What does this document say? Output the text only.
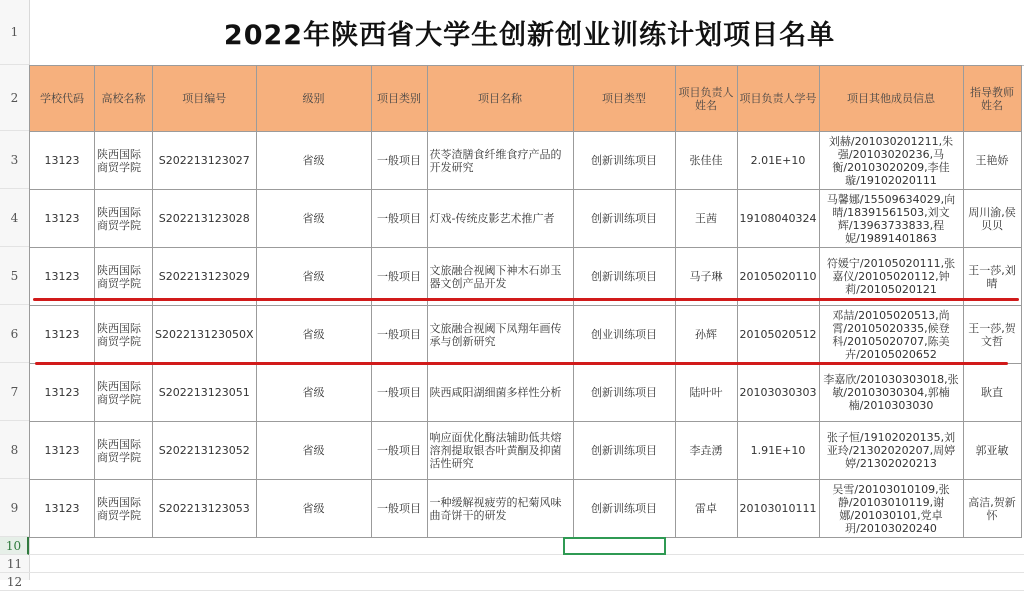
1
2
3
4
5
6
7
8
9
10
11
12
2022年陕西省大学生创新创业训练计划项目名单
学校代码	高校名称	项目编号	级别	项目类别	项目名称	项目类型	项目负责人姓名	项目负责人学号	项目其他成员信息	指导教师姓名
13123	陕西国际商贸学院	S202213123027	省级	一般项目	茯苓渣膳食纤维食疗产品的开发研究	创新训练项目	张佳佳	2.01E+10	刘赫/201030201211,朱强/20103020236,马衡/20103020209,李佳璇/19102020111	王艳娇
13123	陕西国际商贸学院	S202213123028	省级	一般项目	灯戏-传统皮影艺术推广者	创新训练项目	王茜	19108040324	马馨娜/15509634029,向晴/18391561503,刘文辉/13963733833,程妮/19891401863	周川渝,侯贝贝
13123	陕西国际商贸学院	S202213123029	省级	一般项目	文旅融合视阈下神木石峁玉器文创产品开发	创新训练项目	马子琳	20105020110	符媛宁/20105020111,张嘉仪/20105020112,钟莉/20105020121	王一莎,刘晴
13123	陕西国际商贸学院	S202213123050X	省级	一般项目	文旅融合视阈下凤翔年画传承与创新研究	创业训练项目	孙辉	20105020512	邓喆/20105020513,尚霄/20105020335,候登科/20105020707,陈美卉/20105020652	王一莎,贺文哲
13123	陕西国际商贸学院	S202213123051	省级	一般项目	陕西咸阳湖细菌多样性分析	创新训练项目	陆叶叶	20103030303	李嘉欣/201030303018,张敏/20103030304,郭楠楠/2010303030	耿直
13123	陕西国际商贸学院	S202213123052	省级	一般项目	响应面优化酶法辅助低共熔溶剂提取银杏叶黄酮及抑菌活性研究	创新训练项目	李垚湧	1.91E+10	张子恒/19102020135,刘亚玲/21302020207,周婷婷/21302020213	郭亚敏
13123	陕西国际商贸学院	S202213123053	省级	一般项目	一种缓解视疲劳的杞菊风味曲奇饼干的研发	创新训练项目	雷卓	20103010111	吴雪/20103010109,张静/20103010119,谢娜/201030101,党卓玥/20103020240	高洁,贺新怀
